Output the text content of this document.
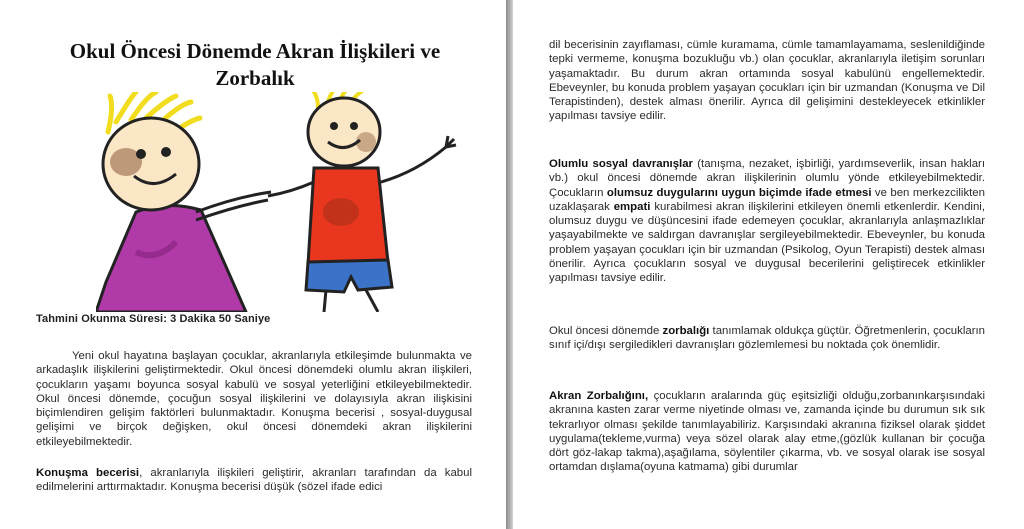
Okul Öncesi Dönemde Akran İlişkileri ve Zorbalık
Tahmini Okunma Süresi: 3 Dakika 50 Saniye

Yeni okul hayatına başlayan çocuklar, akranlarıyla etkileşimde bulunmakta ve arkadaşlık ilişkilerini geliştirmektedir. Okul öncesi dönemdeki olumlu akran ilişkileri, çocukların yaşamı boyunca sosyal kabulü ve sosyal yeterliğini etkileyebilmektedir. Okul öncesi dönemde, çocuğun sosyal ilişkilerini ve dolayısıyla akran ilişkisini biçimlendiren gelişim faktörleri bulunmaktadır. Konuşma becerisi , sosyal-duygusal gelişimi ve birçok değişken, okul öncesi dönemdeki akran ilişkilerini etkileyebilmektedir.

Konuşma becerisi, akranlarıyla ilişkileri geliştirir, akranları tarafından da kabul edilmelerini arttırmaktadır. Konuşma becerisi düşük (sözel ifade edici

dil becerisinin zayıflaması, cümle kuramama, cümle tamamlayamama, seslenildiğinde tepki vermeme, konuşma bozukluğu vb.) olan çocuklar, akranlarıyla iletişim sorunları yaşamaktadır. Bu durum akran ortamında sosyal kabulünü engellemektedir. Ebeveynler, bu konuda problem yaşayan çocukları için bir uzmandan (Konuşma ve Dil Terapistinden), destek alması önerilir. Ayrıca dil gelişimini destekleyecek etkinlikler yapılması tavsiye edilir.

Olumlu sosyal davranışlar (tanışma, nezaket, işbirliği, yardımseverlik, insan hakları vb.) okul öncesi dönemde akran ilişkilerinin olumlu yönde etkileyebilmektedir. Çocukların olumsuz duygularını uygun biçimde ifade etmesi ve ben merkezcilikten uzaklaşarak empati kurabilmesi akran ilişkilerini etkileyen önemli etkenlerdir. Kendini, olumsuz duygu ve düşüncesini ifade edemeyen çocuklar, akranlarıyla anlaşmazlıklar yaşayabilmekte ve saldırgan davranışlar sergileyebilmektedir. Ebeveynler, bu konuda problem yaşayan çocukları için bir uzmandan (Psikolog, Oyun Terapisti) destek alması önerilir. Ayrıca çocukların sosyal ve duygusal becerilerini geliştirecek etkinlikler yapılması tavsiye edilir.

Okul öncesi dönemde zorbalığı tanımlamak oldukça güçtür. Öğretmenlerin, çocukların sınıf içi/dışı sergiledikleri davranışları gözlemlemesi bu noktada çok önemlidir.

Akran Zorbalığını, çocukların aralarında güç eşitsizliği olduğu,zorbanınkarşısındaki akranına kasten zarar verme niyetinde olması ve, zamanda içinde bu durumun sık sık tekrarlıyor olması şekilde tanımlayabiliriz. Karşısındaki akranına fiziksel olarak şiddet uygulama(tekleme,vurma) veya sözel olarak alay etme,(gözlük kullanan bir çocuğa dört göz-lakap takma),aşağılama, söylentiler çıkarma, vb. ve sosyal olarak ise sosyal ortamdan dışlama(oyuna katmama) gibi durumlar
